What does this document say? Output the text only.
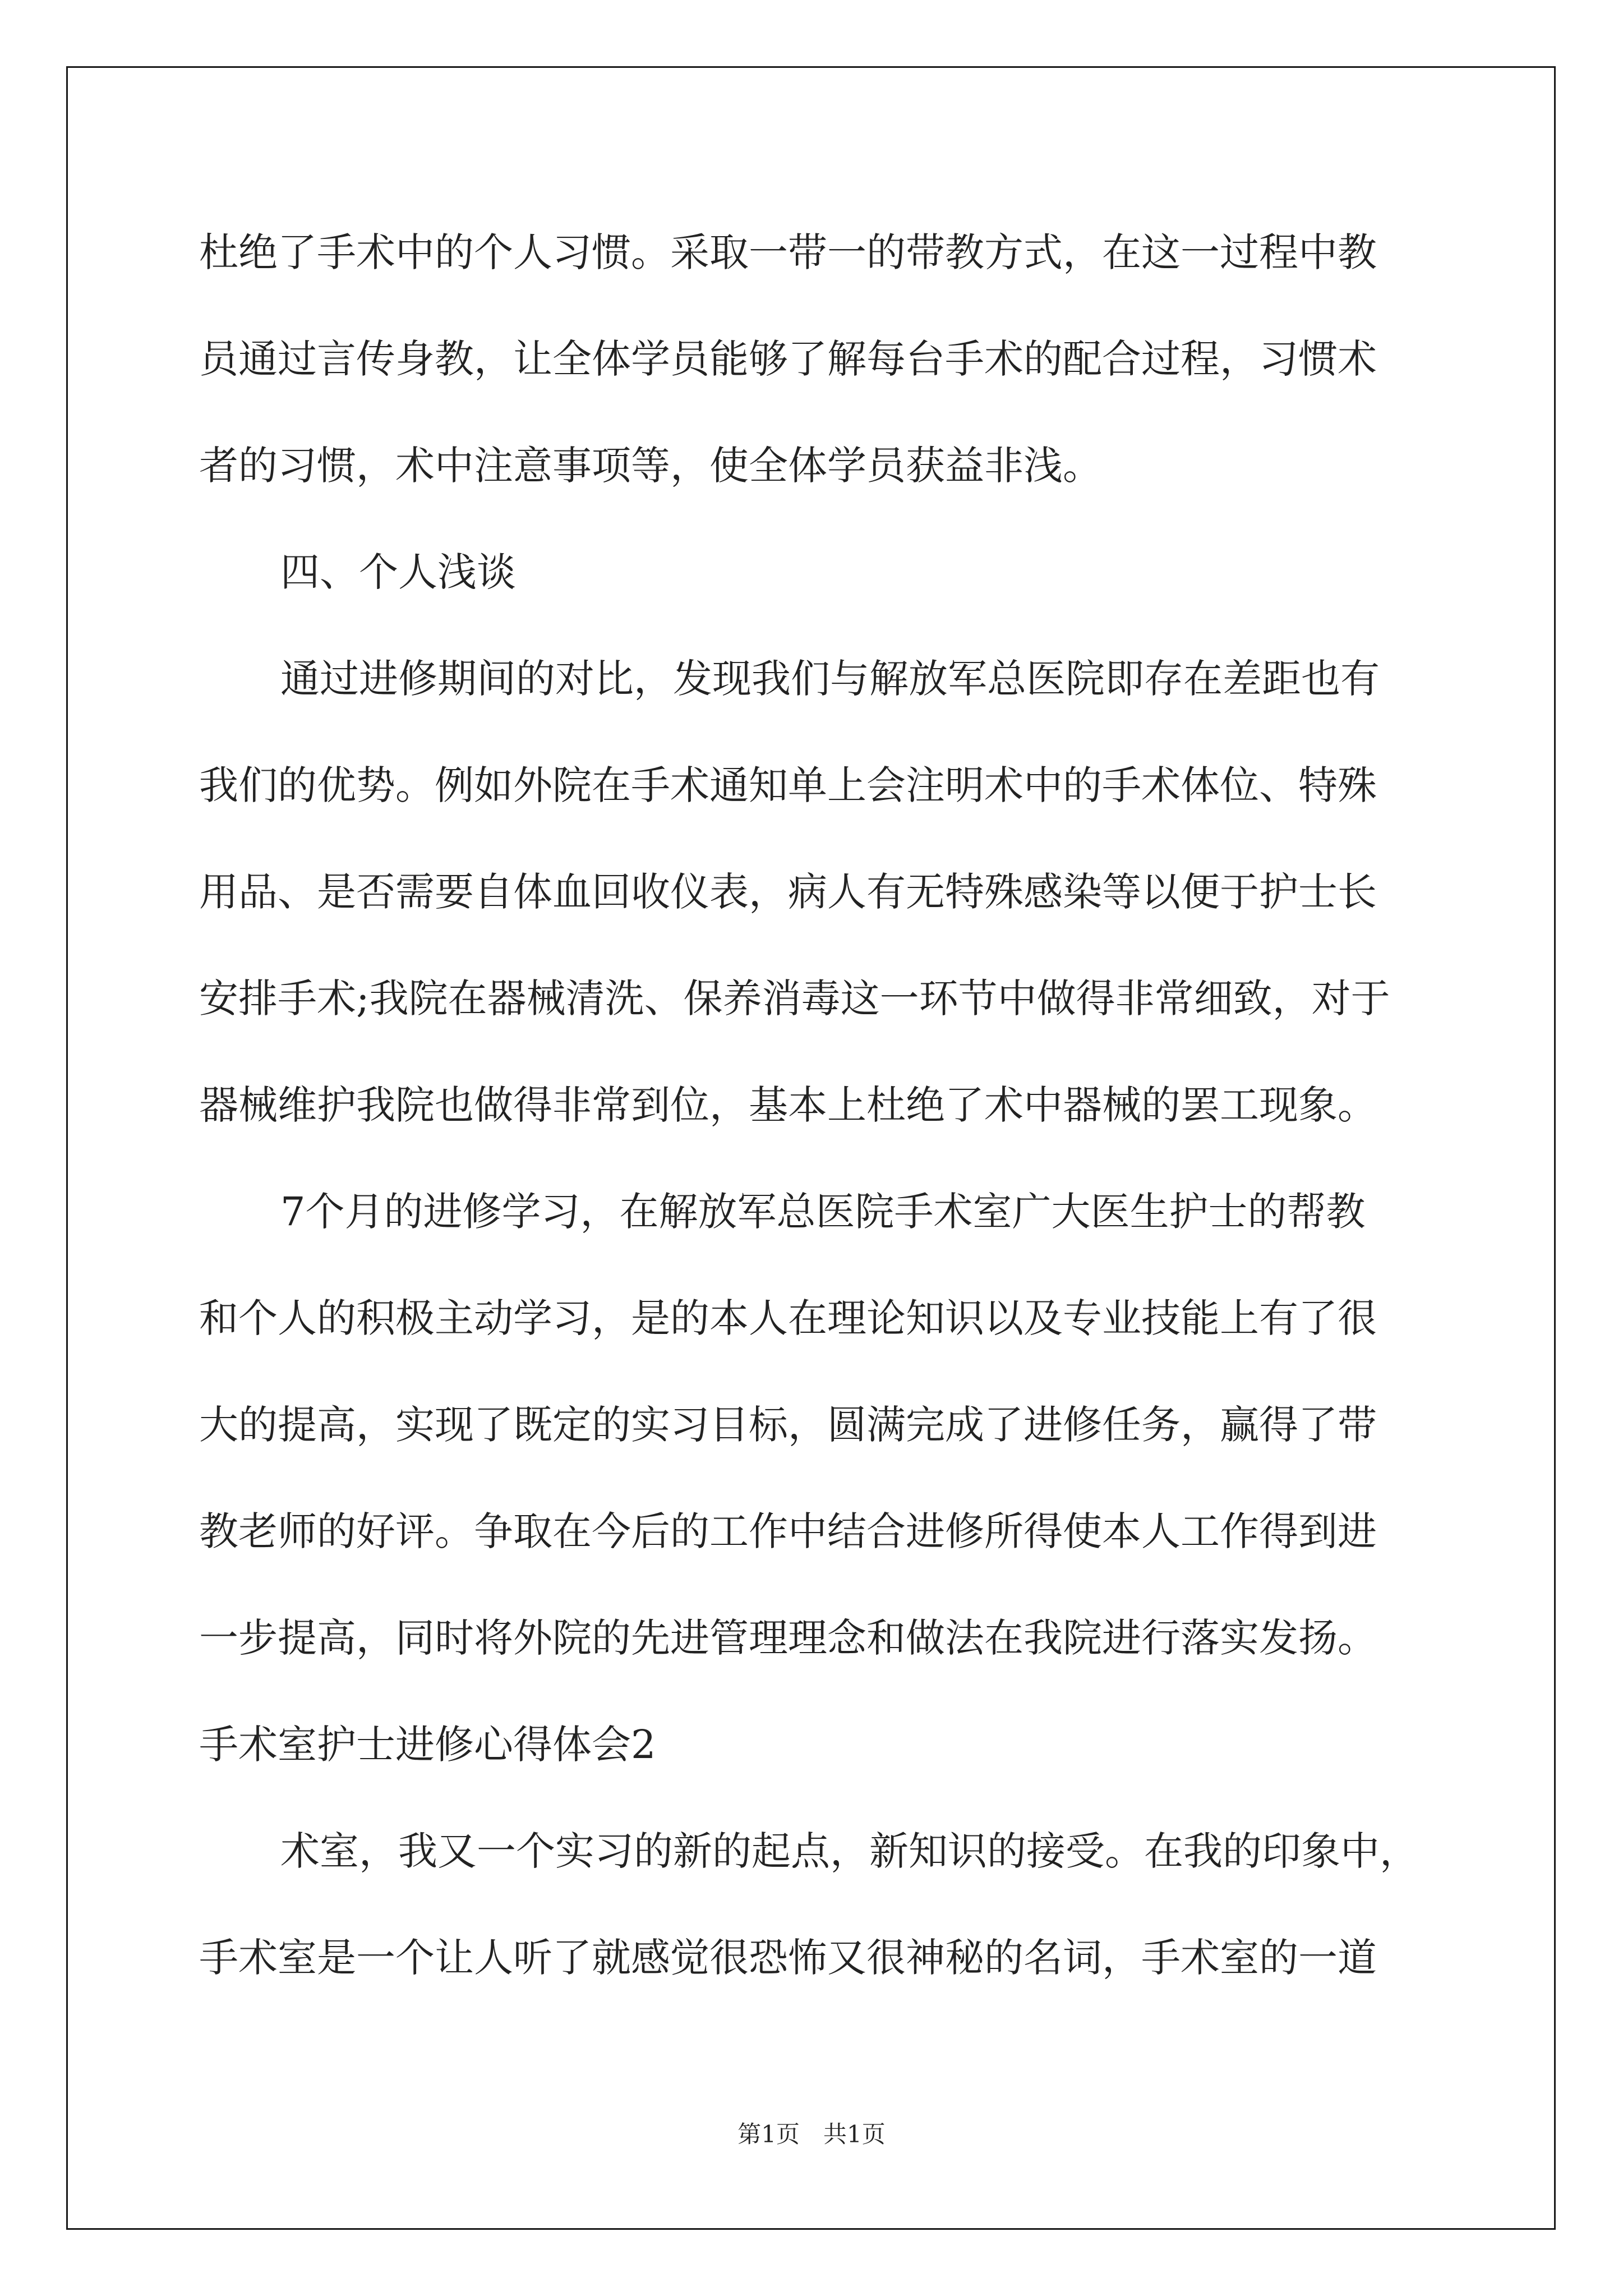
杜绝了手术中的个人习惯。采取一带一的带教方式，在这一过程中教

员通过言传身教，让全体学员能够了解每台手术的配合过程，习惯术

者的习惯，术中注意事项等，使全体学员获益非浅。

四、个人浅谈

通过进修期间的对比，发现我们与解放军总医院即存在差距也有

我们的优势。例如外院在手术通知单上会注明术中的手术体位、特殊

用品、是否需要自体血回收仪表，病人有无特殊感染等以便于护士长

安排手术;我院在器械清洗、保养消毒这一环节中做得非常细致，对于

器械维护我院也做得非常到位，基本上杜绝了术中器械的罢工现象。

7个月的进修学习，在解放军总医院手术室广大医生护士的帮教

和个人的积极主动学习，是的本人在理论知识以及专业技能上有了很

大的提高，实现了既定的实习目标，圆满完成了进修任务，赢得了带

教老师的好评。争取在今后的工作中结合进修所得使本人工作得到进

一步提高，同时将外院的先进管理理念和做法在我院进行落实发扬。

手术室护士进修心得体会2

术室，我又一个实习的新的起点，新知识的接受。在我的印象中，

手术室是一个让人听了就感觉很恐怖又很神秘的名词，手术室的一道

第1页　共1页
